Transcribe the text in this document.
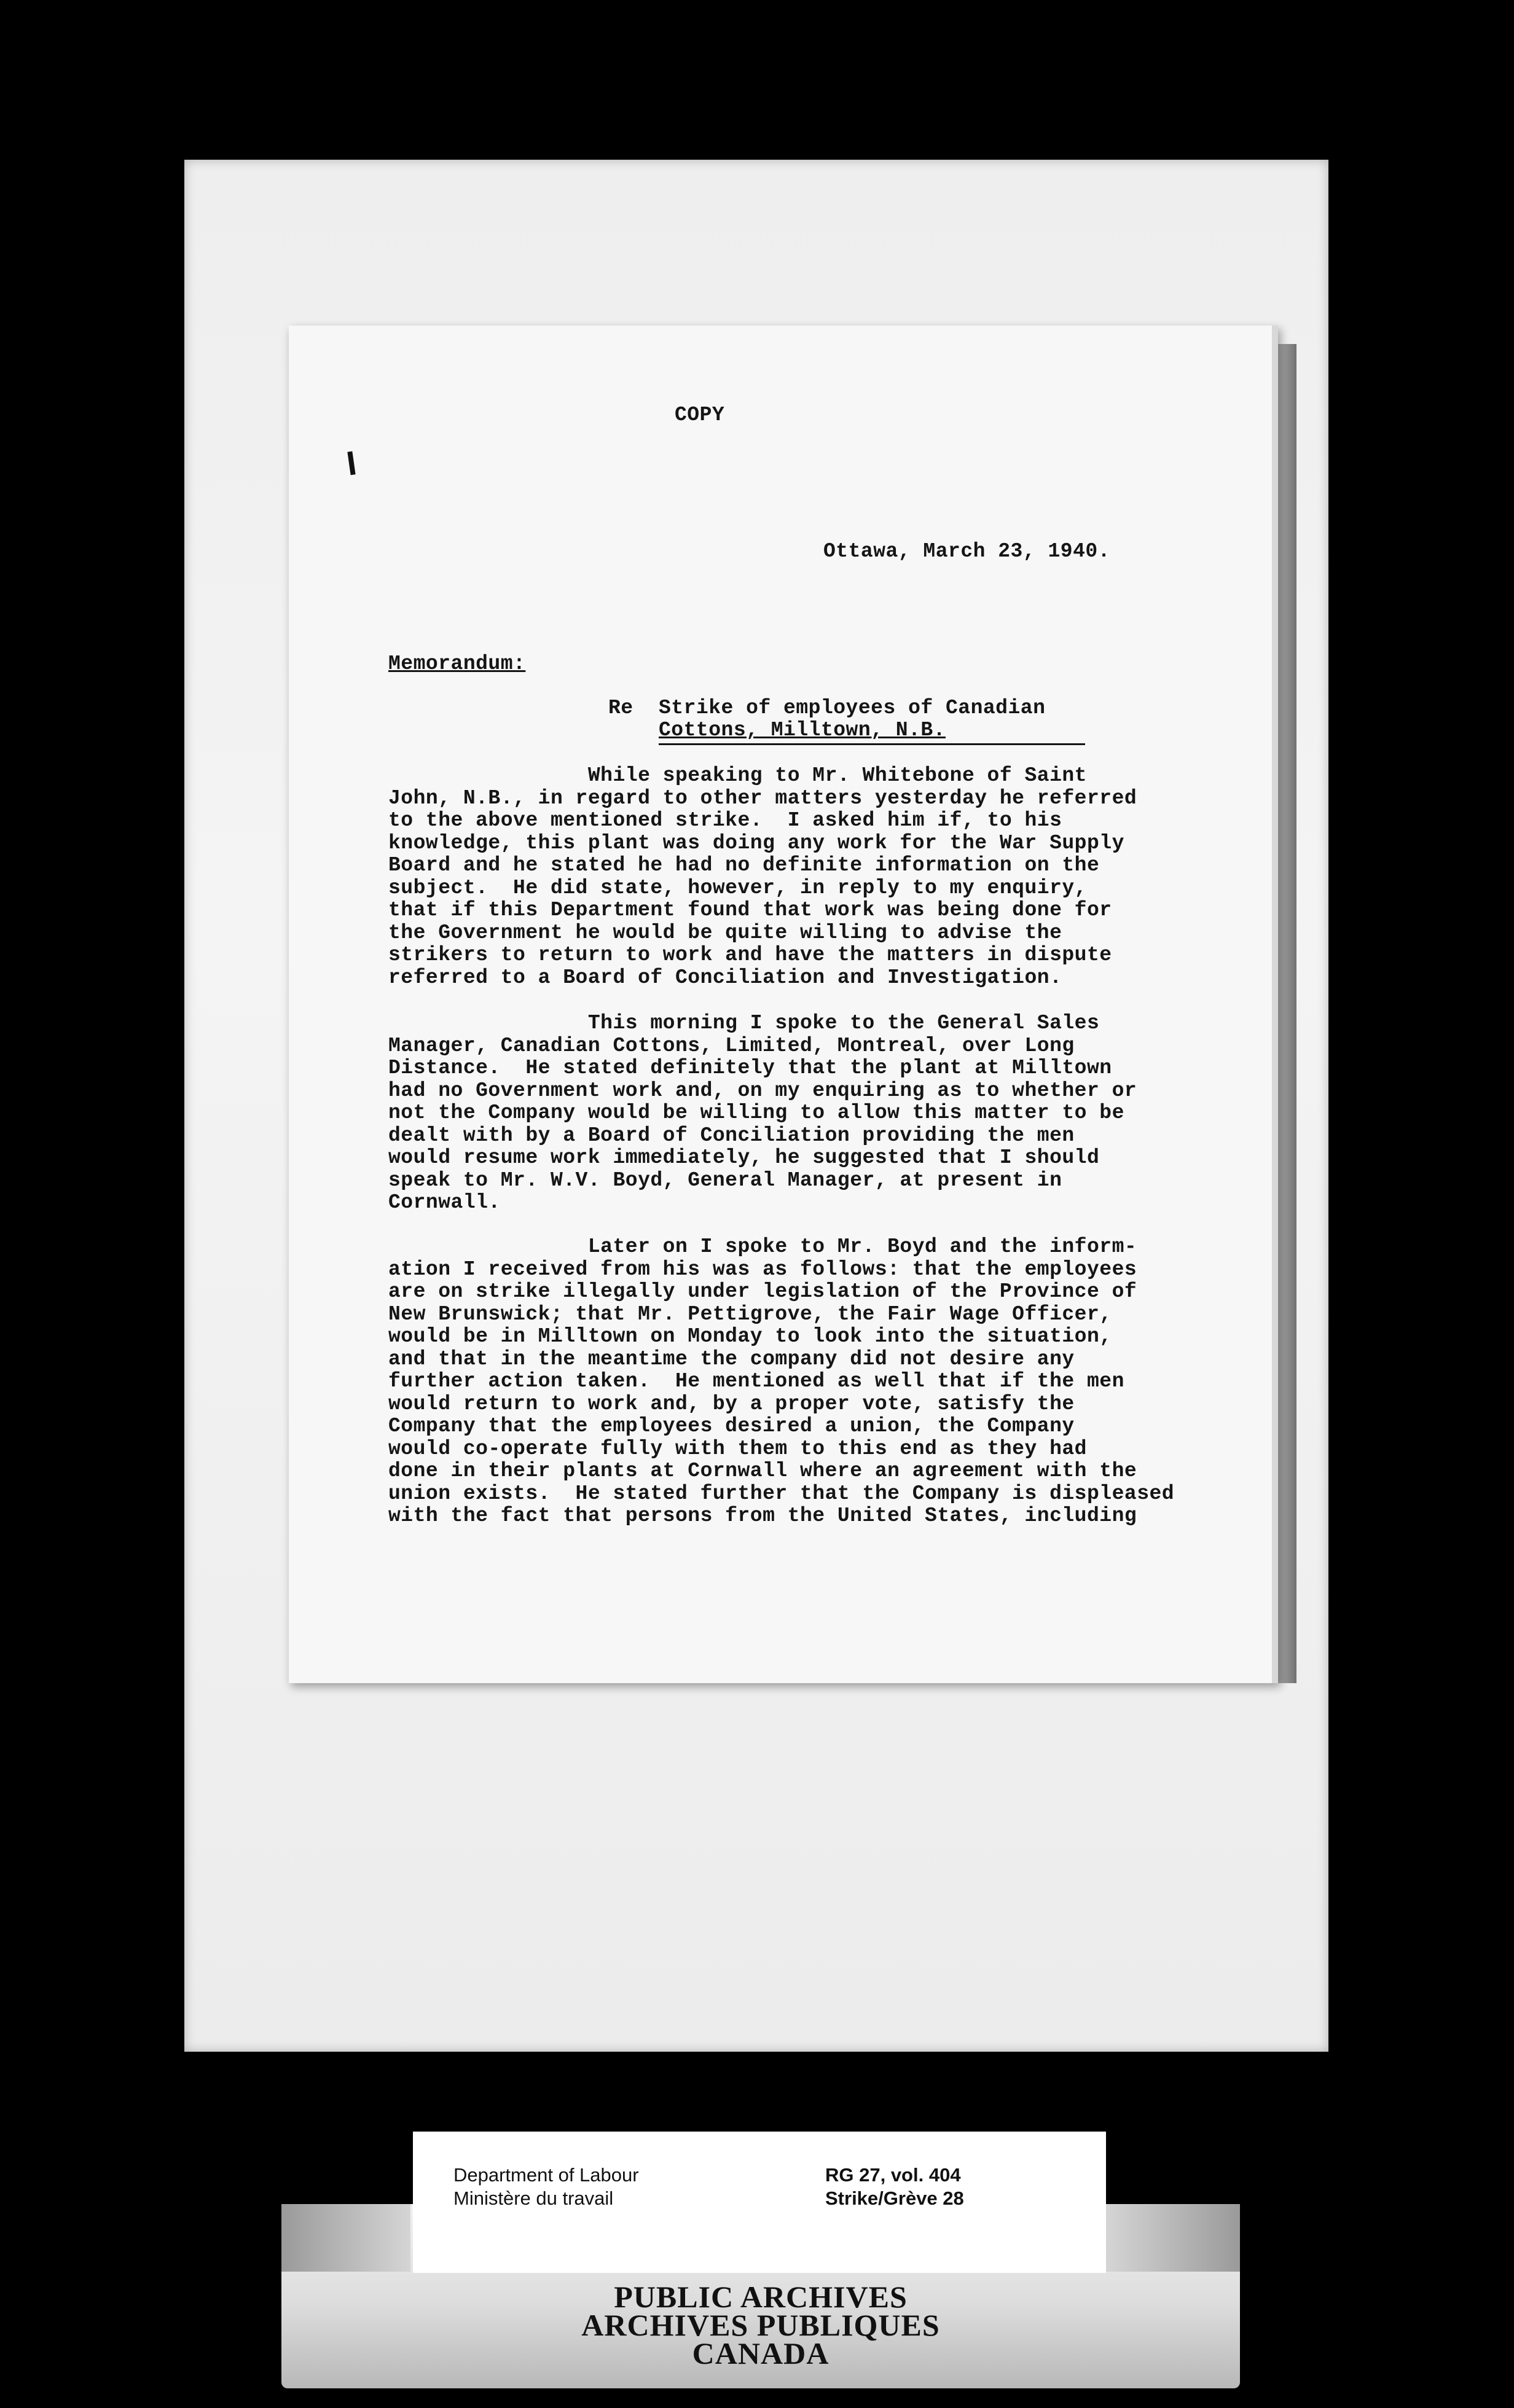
COPY

Ottawa, March 23, 1940.

Memorandum:

Re Strike of employees of Canadian

Cottons, Milltown, N.B.

While speaking to Mr. Whitebone of Saint
John, N.B., in regard to other matters yesterday he referred
to the above mentioned strike.  I asked him if, to his
knowledge, this plant was doing any work for the War Supply
Board and he stated he had no definite information on the
subject.  He did state, however, in reply to my enquiry,
that if this Department found that work was being done for
the Government he would be quite willing to advise the
strikers to return to work and have the matters in dispute
referred to a Board of Conciliation and Investigation.

This morning I spoke to the General Sales
Manager, Canadian Cottons, Limited, Montreal, over Long
Distance.  He stated definitely that the plant at Milltown
had no Government work and, on my enquiring as to whether or
not the Company would be willing to allow this matter to be
dealt with by a Board of Conciliation providing the men
would resume work immediately, he suggested that I should
speak to Mr. W.V. Boyd, General Manager, at present in
Cornwall.

Later on I spoke to Mr. Boyd and the inform-
ation I received from his was as follows: that the employees
are on strike illegally under legislation of the Province of
New Brunswick; that Mr. Pettigrove, the Fair Wage Officer,
would be in Milltown on Monday to look into the situation,
and that in the meantime the company did not desire any
further action taken.  He mentioned as well that if the men
would return to work and, by a proper vote, satisfy the
Company that the employees desired a union, the Company
would co-operate fully with them to this end as they had
done in their plants at Cornwall where an agreement with the
union exists.  He stated further that the Company is displeased
with the fact that persons from the United States, including

Department of Labour

Ministère du travail

RG 27, vol. 404

Strike/Grève 28

PUBLIC ARCHIVES

ARCHIVES PUBLIQUES

CANADA
